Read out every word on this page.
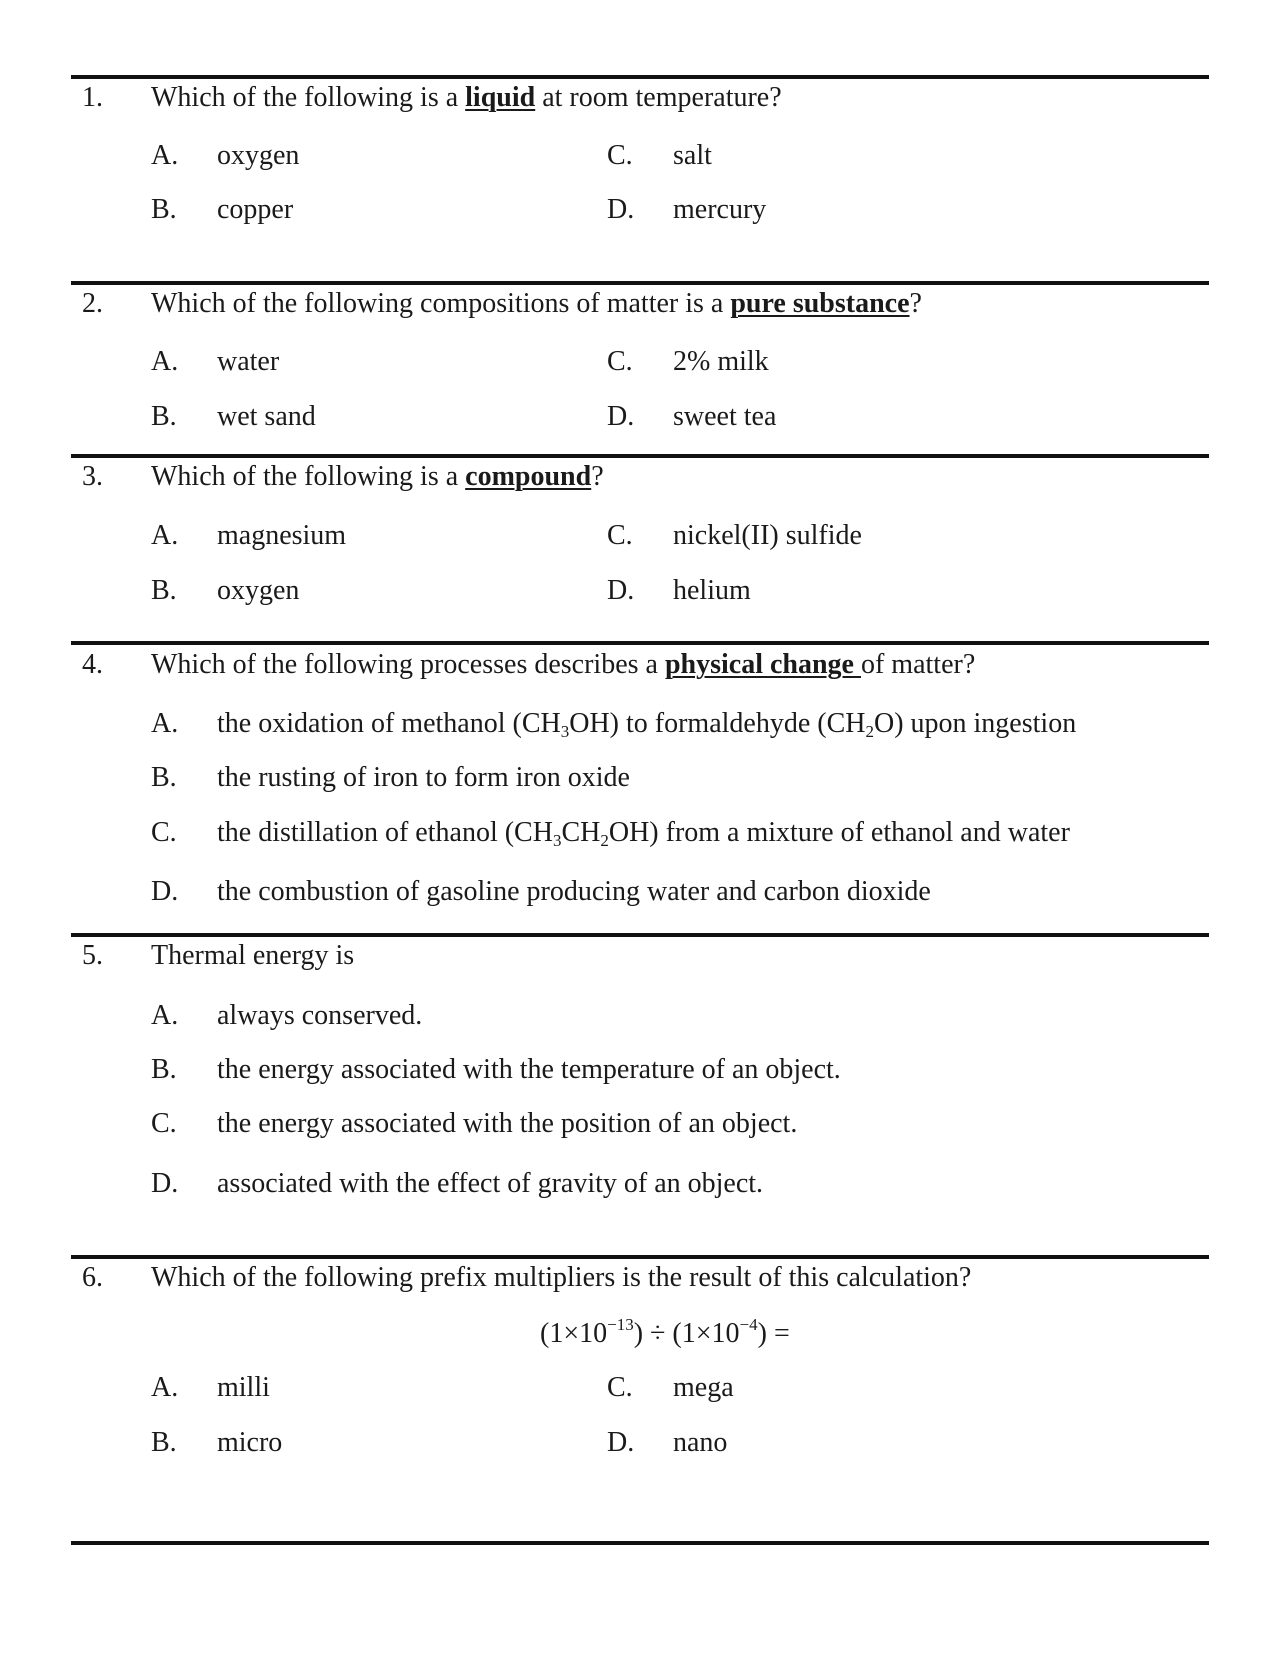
1. Which of the following is a liquid at room temperature?
A. oxygen
B. copper
C. salt
D. mercury
2. Which of the following compositions of matter is a pure substance?
A. water
B. wet sand
C. 2% milk
D. sweet tea
3. Which of the following is a compound?
A. magnesium
B. oxygen
C. nickel(II) sulfide
D. helium
4. Which of the following processes describes a physical change of matter?
A. the oxidation of methanol $(CH_3OH)$ to formaldehyde $(CH_2O)$ upon ingestion
B. the rusting of iron to form iron oxide
C. the distillation of ethanol $(CH_3CH_2OH)$ from a mixture of ethanol and water
D. the combustion of gasoline producing water and carbon dioxide
5. Thermal energy is
A. always conserved.
B. the energy associated with the temperature of an object.
C. the energy associated with the position of an object.
D. associated with the effect of gravity of an object.
6. Which of the following prefix multipliers is the result of this calculation?
$(1\times 10^{-13}) \div (1\times 10^{-4})$ =
A. milli
B. micro
C. mega
D. nano
